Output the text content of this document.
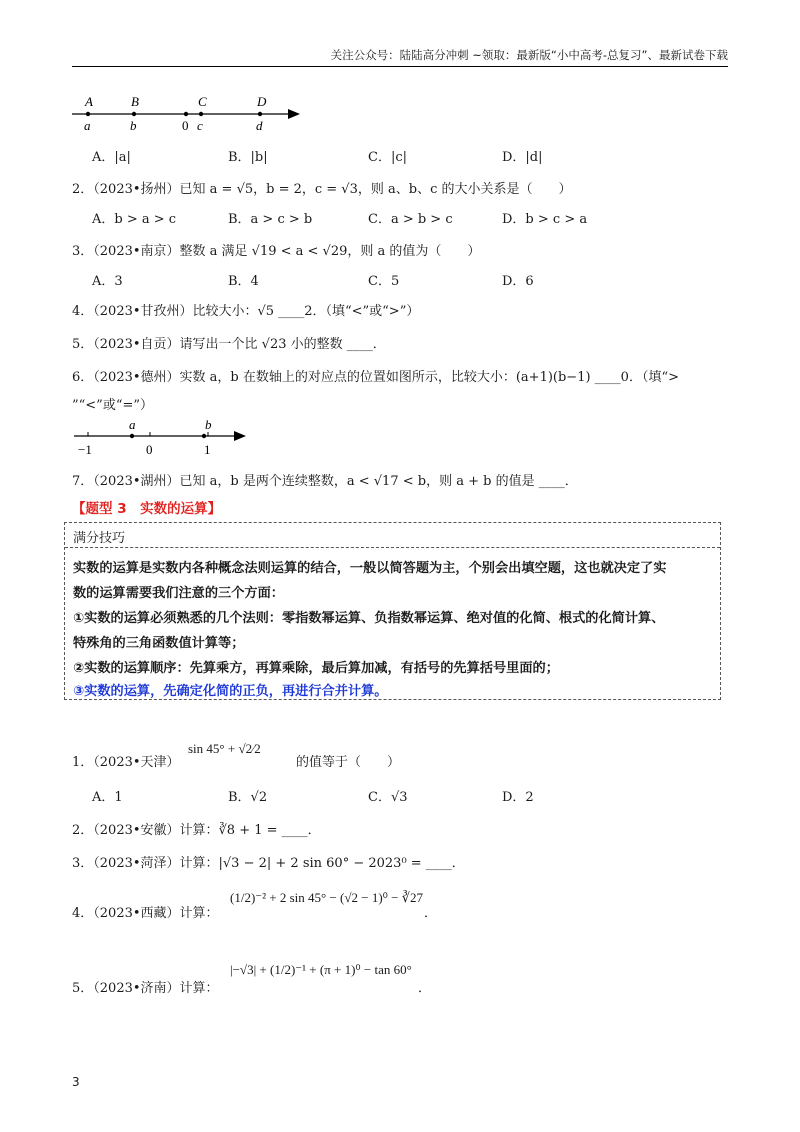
关注公众号：陆陆高分冲刺 ~领取：最新版“小中高考-总复习”、最新试卷下载
A
a
B
b	0
C
c
D
d
A．|a|	B．|b|	C．|c|	D．|d|
2．（2023•扬州）已知 a = √5，b = 2，c = √3，则 a、b、c 的大小关系是（　　）
A．b > a > c	B．a > c > b	C．a > b > c	D．b > c > a
3．（2023•南京）整数 a 满足 √19 < a < √29，则 a 的值为（　　）
A．3	B．4	C．5	D．6
4．（2023•甘孜州）比较大小：√5 ____2．（填“<”或“>”）
5．（2023•自贡）请写出一个比 √23 小的整数 ____．
6．（2023•德州）实数 a，b 在数轴上的对应点的位置如图所示，比较大小：(a+1)(b−1) ____0．（填“>
”“<”或“=”）
a	b
−1	0	1
7．（2023•湖州）已知 a，b 是两个连续整数，a < √17 < b，则 a + b 的值是 ____．
【题型 3　实数的运算】
满分技巧
实数的运算是实数内各种概念法则运算的结合，一般以简答题为主，个别会出填空题，这也就决定了实
数的运算需要我们注意的三个方面：
①实数的运算必须熟悉的几个法则：零指数幂运算、负指数幂运算、绝对值的化简、根式的化简计算、
特殊角的三角函数值计算等；
②实数的运算顺序：先算乘方，再算乘除，最后算加减，有括号的先算括号里面的；
③实数的运算，先确定化简的正负，再进行合并计算。
1．（2023•天津）
sin 45° + √2⁄2
的值等于（　　）
A．1	B．√2	C．√3	D．2
2．（2023•安徽）计算：∛8 + 1 = ____．
3．（2023•菏泽）计算：|√3 − 2| + 2 sin 60° − 2023⁰ = ____．
4．（2023•西藏）计算：
(1/2)⁻² + 2 sin 45° − (√2 − 1)⁰ − ∛27
．
5．（2023•济南）计算：
|−√3| + (1/2)⁻¹ + (π + 1)⁰ − tan 60°
．
3
